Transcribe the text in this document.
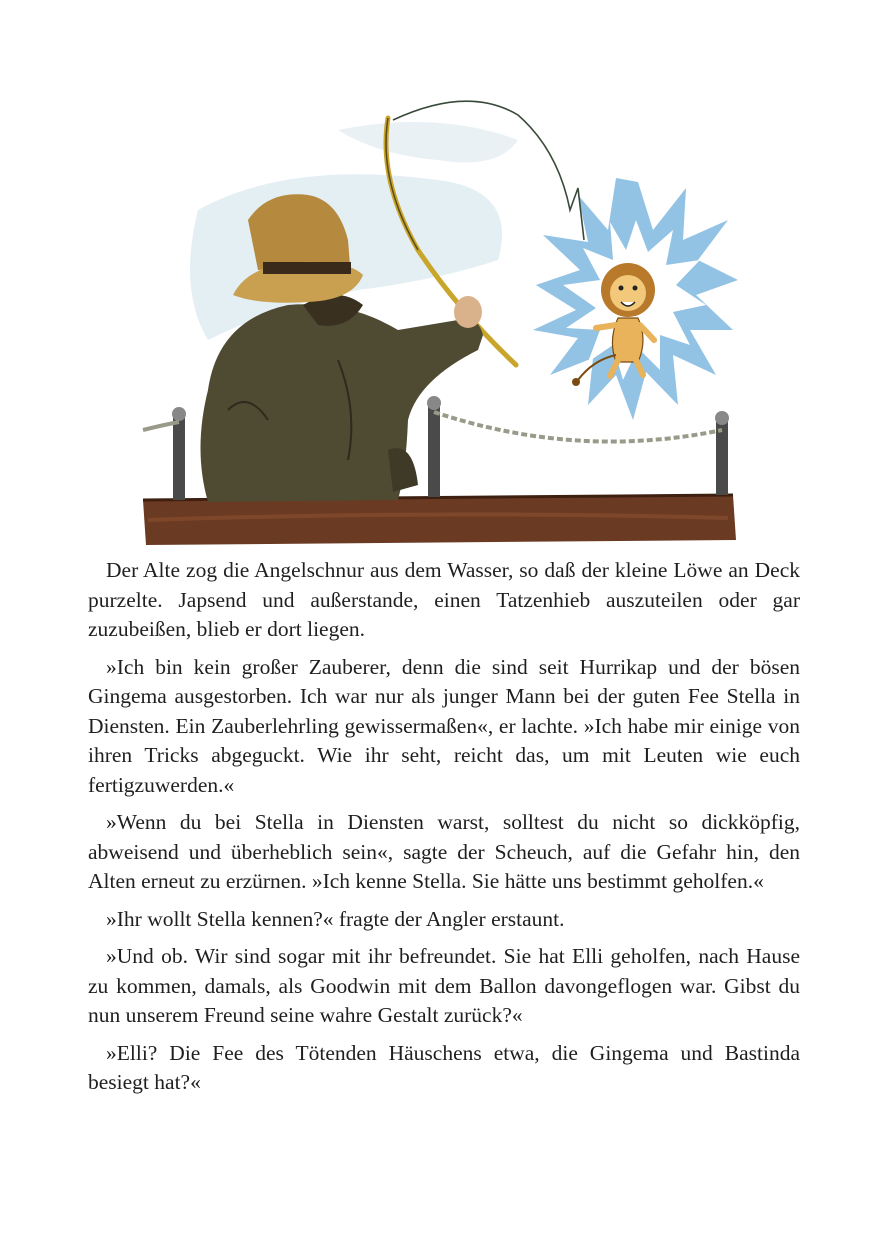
Der Alte zog die Angelschnur aus dem Wasser, so daß der kleine Löwe an Deck purzelte. Japsend und außerstande, einen Tatzenhieb auszuteilen oder gar zuzubeißen, blieb er dort liegen.

»Ich bin kein großer Zauberer, denn die sind seit Hurrikap und der bösen Gingema ausgestorben. Ich war nur als junger Mann bei der guten Fee Stella in Diensten. Ein Zauberlehrling gewissermaßen«, er lachte. »Ich habe mir einige von ihren Tricks abgeguckt. Wie ihr seht, reicht das, um mit Leuten wie euch fertigzuwerden.«

»Wenn du bei Stella in Diensten warst, solltest du nicht so dickköpfig, abweisend und überheblich sein«, sagte der Scheuch, auf die Gefahr hin, den Alten erneut zu erzürnen. »Ich kenne Stella. Sie hätte uns bestimmt geholfen.«

»Ihr wollt Stella kennen?« fragte der Angler erstaunt.

»Und ob. Wir sind sogar mit ihr befreundet. Sie hat Elli geholfen, nach Hause zu kommen, damals, als Goodwin mit dem Ballon davongeflogen war. Gibst du nun unserem Freund seine wahre Gestalt zurück?«

»Elli? Die Fee des Tötenden Häuschens etwa, die Gingema und Bastinda besiegt hat?«
